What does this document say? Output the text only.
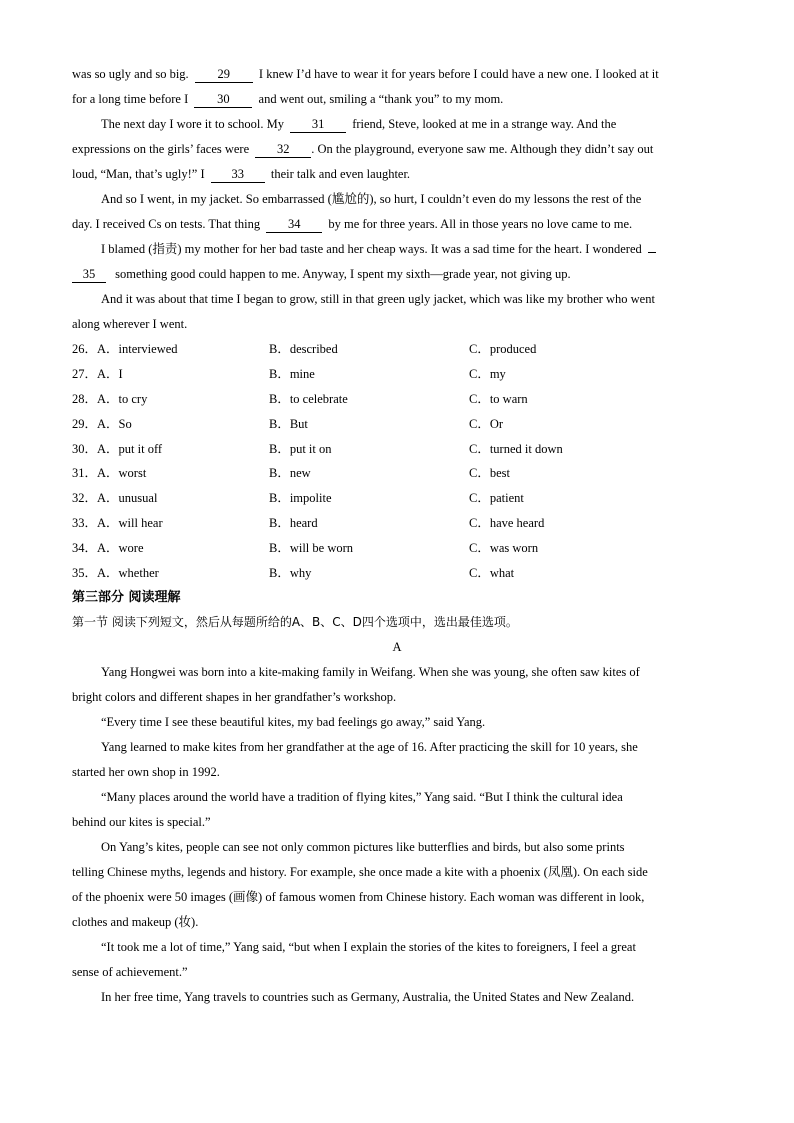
was so ugly and so big. 29 I knew I’d have to wear it for years before I could have a new one. I looked at it
for a long time before I 30 and went out, smiling a “thank you” to my mom.
The next day I wore it to school. My 31 friend, Steve, looked at me in a strange way. And the
expressions on the girls’ faces were 32 . On the playground, everyone saw me. Although they didn’t say out
loud, “Man, that’s ugly!” I 33 their talk and even laughter.
And so I went, in my jacket. So embarrassed (尴尬的), so hurt, I couldn’t even do my lessons the rest of the
day. I received Cs on tests. That thing 34 by me for three years. All in those years no love came to me.
I blamed (指责) my mother for her bad taste and her cheap ways. It was a sad time for the heart. I wondered
35 something good could happen to me. Anyway, I spent my sixth—grade year, not giving up.
And it was about that time I began to grow, still in that green ugly jacket, which was like my brother who went
along wherever I went.
26．A．interviewed	B．described	C．produced
27．A．I	B．mine	C．my
28．A．to cry	B．to celebrate	C．to warn
29．A．So	B．But	C．Or
30．A．put it off	B．put it on	C．turned it down
31．A．worst	B．new	C．best
32．A．unusual	B．impolite	C．patient
33．A．will hear	B．heard	C．have heard
34．A．wore	B．will be worn	C．was worn
35．A．whether	B．why	C．what
第三部分 阅读理解
第一节 阅读下列短文，然后从每题所给的A、B、C、D四个选项中，选出最佳选项。
A
Yang Hongwei was born into a kite-making family in Weifang. When she was young, she often saw kites of
bright colors and different shapes in her grandfather’s workshop.
“Every time I see these beautiful kites, my bad feelings go away,” said Yang.
Yang learned to make kites from her grandfather at the age of 16. After practicing the skill for 10 years, she
started her own shop in 1992.
“Many places around the world have a tradition of flying kites,” Yang said. “But I think the cultural idea
behind our kites is special.”
On Yang’s kites, people can see not only common pictures like butterflies and birds, but also some prints
telling Chinese myths, legends and history. For example, she once made a kite with a phoenix (凤凰). On each side
of the phoenix were 50 images (画像) of famous women from Chinese history. Each woman was different in look,
clothes and makeup (妆).
“It took me a lot of time,” Yang said, “but when I explain the stories of the kites to foreigners, I feel a great
sense of achievement.”
In her free time, Yang travels to countries such as Germany, Australia, the United States and New Zealand.
